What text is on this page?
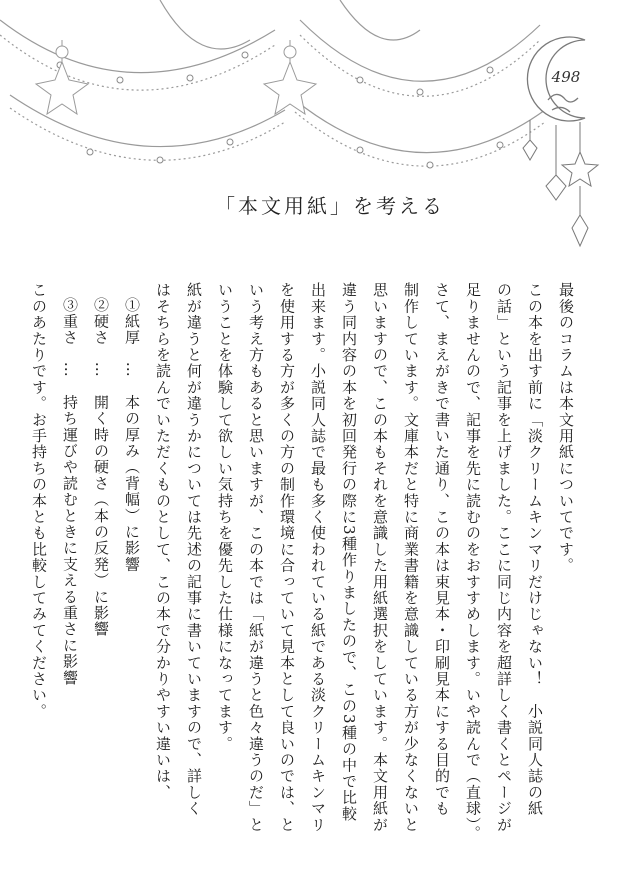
498
「本文用紙」を考える

最後のコラムは本文用紙についてです。

この本を出す前に「淡クリームキンマリだけじゃない！　小説同人誌の紙

の話」という記事を上げました。ここに同じ内容を超詳しく書くとページが

足りませんので、記事を先に読むのをおすすめします。いや読んで（直球）。

さて、まえがきで書いた通り、この本は束見本・印刷見本にする目的でも

制作しています。文庫本だと特に商業書籍を意識している方が少なくないと

思いますので、この本もそれを意識した用紙選択をしています。本文用紙が

違う同内容の本を初回発行の際に3種作りましたので、この3種の中で比較

出来ます。小説同人誌で最も多く使われている紙である淡クリームキンマリ

を使用する方が多くの方の制作環境に合っていて見本として良いのでは、と

いう考え方もあると思いますが、この本では「紙が違うと色々違うのだ」と

いうことを体験して欲しい気持ちを優先した仕様になってます。

紙が違うと何が違うかについては先述の記事に書いていますので、詳しく

はそちらを読んでいただくものとして、この本で分かりやすい違いは、

①紙厚　…　本の厚み（背幅）に影響

②硬さ　…　開く時の硬さ（本の反発）に影響

③重さ　…　持ち運びや読むときに支える重さに影響

このあたりです。お手持ちの本とも比較してみてください。
